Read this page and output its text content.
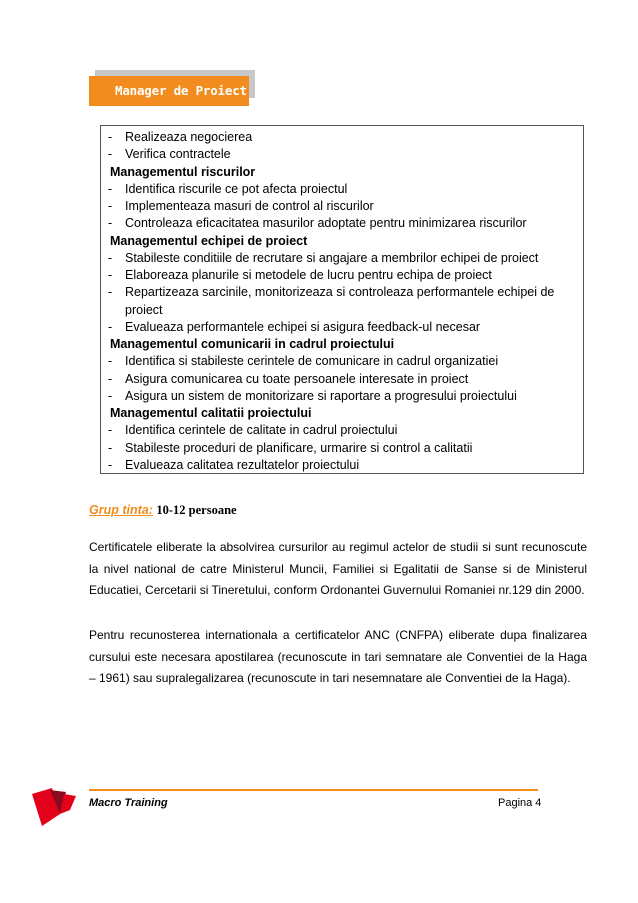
Manager de Proiect
- Realizeaza negocierea
- Verifica contractele
Managementul riscurilor
- Identifica riscurile ce pot afecta proiectul
- Implementeaza masuri de control al riscurilor
- Controleaza eficacitatea masurilor adoptate pentru minimizarea riscurilor
Managementul echipei de proiect
- Stabileste conditiile de recrutare si angajare a membrilor echipei de proiect
- Elaboreaza planurile si metodele de lucru pentru echipa de proiect
- Repartizeaza sarcinile, monitorizeaza si controleaza performantele echipei de
proiect
- Evalueaza performantele echipei si asigura feedback-ul necesar
Managementul comunicarii in cadrul proiectului
- Identifica si stabileste cerintele de comunicare in cadrul organizatiei
- Asigura comunicarea cu toate persoanele interesate in proiect
- Asigura un sistem de monitorizare si raportare a progresului proiectului
Managementul calitatii proiectului
- Identifica cerintele de calitate in cadrul proiectului
- Stabileste proceduri de planificare, urmarire si control a calitatii
- Evalueaza calitatea rezultatelor proiectului
Grup tinta: 10-12 persoane
Certificatele eliberate la absolvirea cursurilor au regimul actelor de studii si sunt recunoscute la nivel national de catre Ministerul Muncii, Familiei si Egalitatii de Sanse si de Ministerul Educatiei, Cercetarii si Tineretului, conform Ordonantei Guvernului Romaniei nr.129 din 2000.
Pentru recunosterea internationala a certificatelor ANC (CNFPA) eliberate dupa finalizarea cursului este necesara apostilarea (recunoscute in tari semnatare ale Conventiei de la Haga – 1961) sau supralegalizarea (recunoscute in tari nesemnatare ale Conventiei de la Haga).
Macro Training	Pagina 4
